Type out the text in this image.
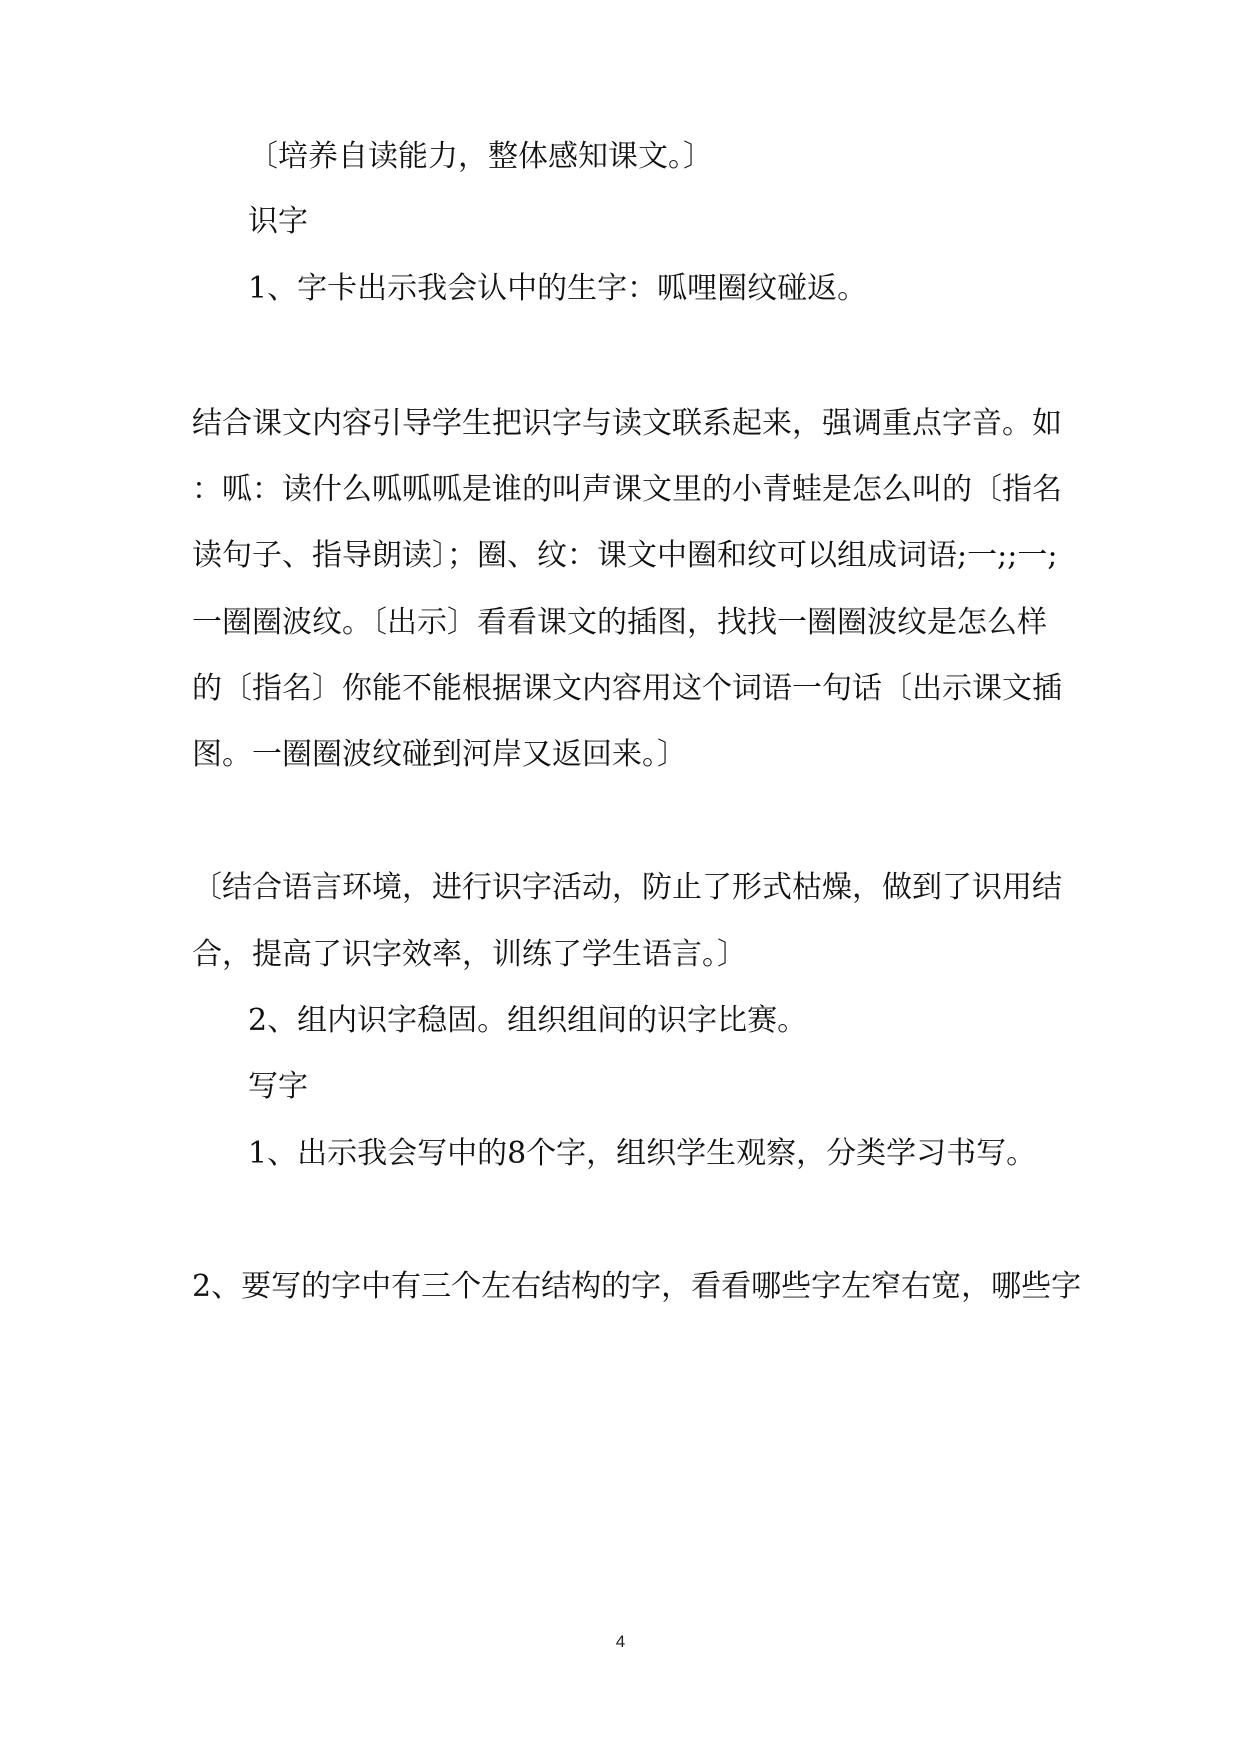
〔培养自读能力，整体感知课文。〕

识字

1、字卡出示我会认中的生字：呱哩圈纹碰返。

结合课文内容引导学生把识字与读文联系起来，强调重点字音。如

：呱：读什么呱呱呱是谁的叫声课文里的小青蛙是怎么叫的〔指名

读句子、指导朗读〕；圈、纹：课文中圈和纹可以组成词语;一;;一;

一圈圈波纹。〔出示〕看看课文的插图，找找一圈圈波纹是怎么样

的〔指名〕你能不能根据课文内容用这个词语一句话〔出示课文插

图。一圈圈波纹碰到河岸又返回来。〕

〔结合语言环境，进行识字活动，防止了形式枯燥，做到了识用结

合，提高了识字效率，训练了学生语言。〕

2、组内识字稳固。组织组间的识字比赛。

写字

1、出示我会写中的8个字，组织学生观察，分类学习书写。

2、要写的字中有三个左右结构的字，看看哪些字左窄右宽，哪些字

4
